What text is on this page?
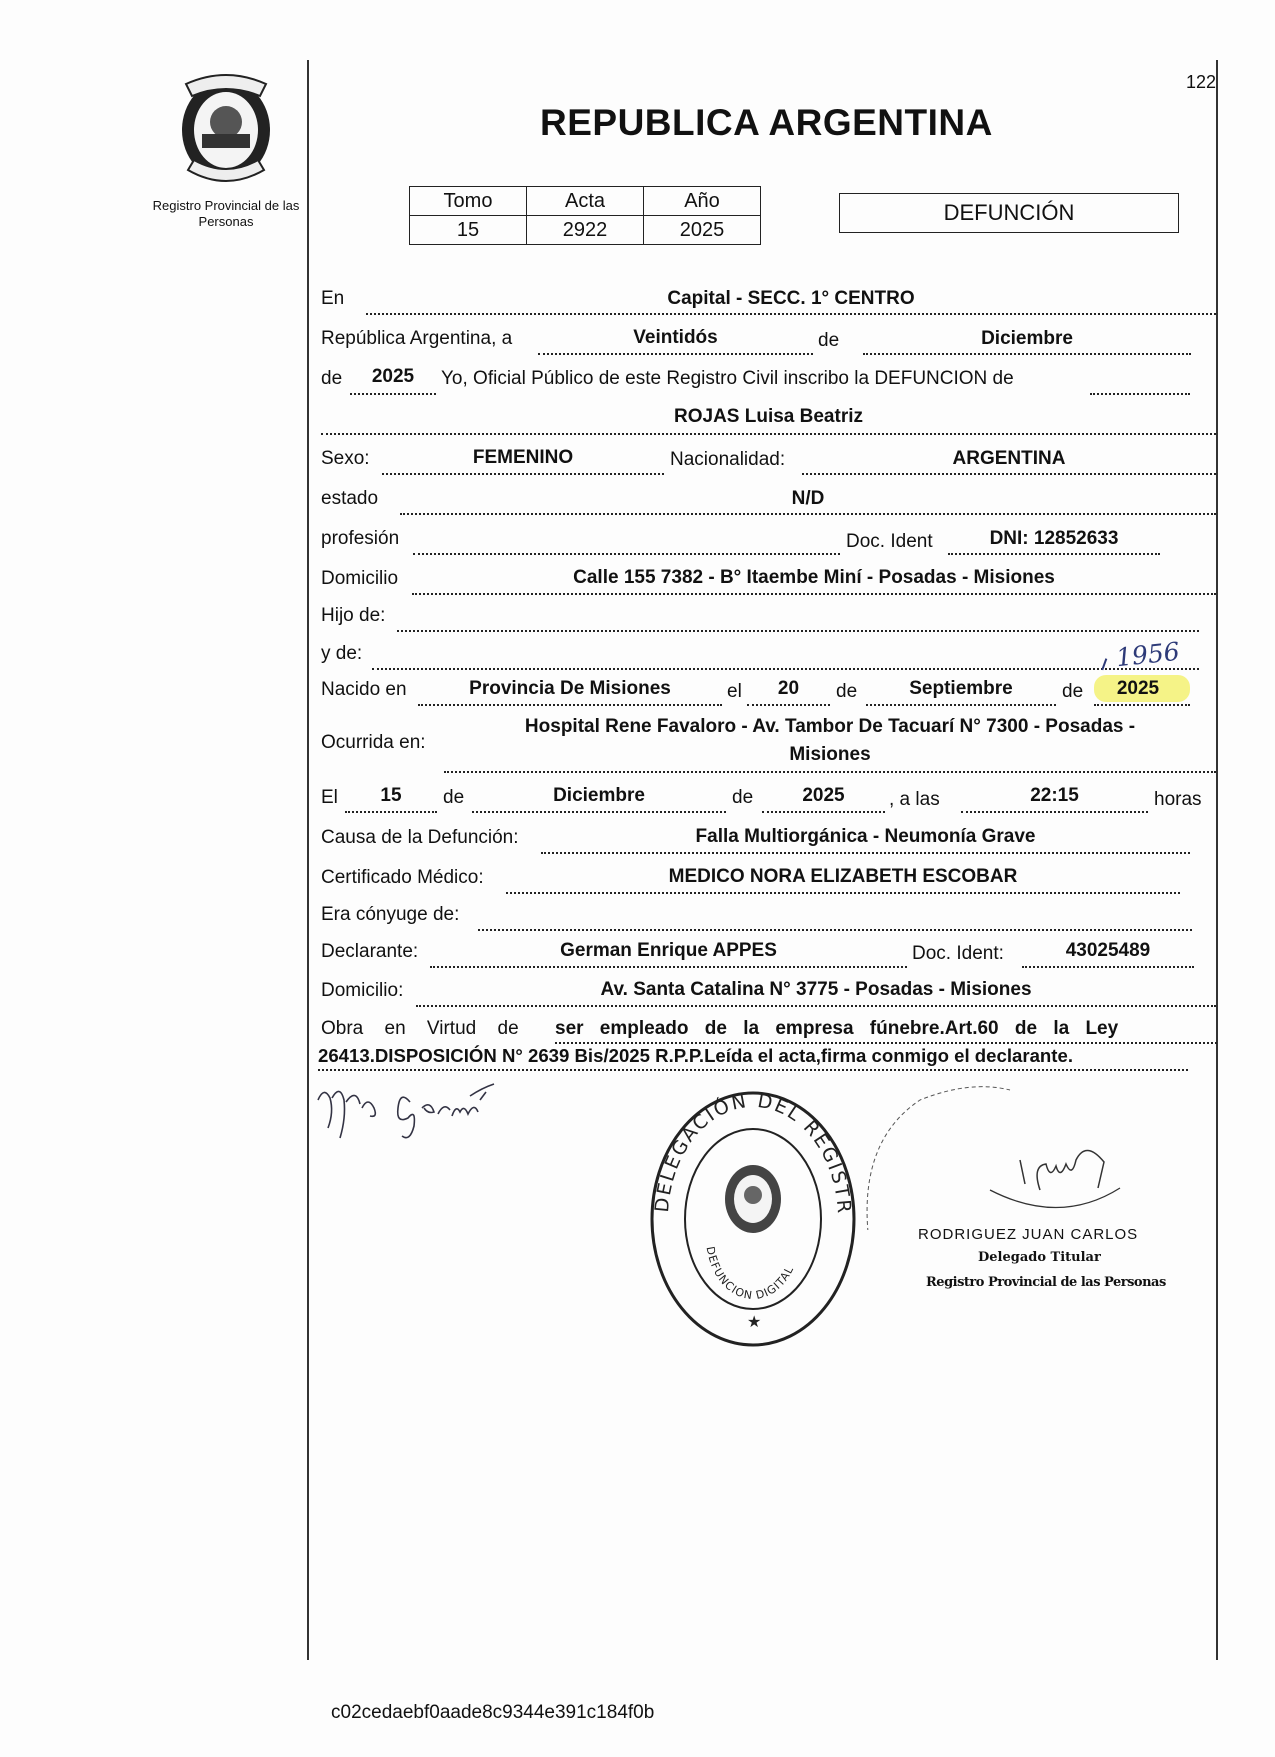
122
Registro Provincial de las Personas
REPUBLICA ARGENTINA
Tomo	Acta	Año
15	2922	2025
DEFUNCIÓN
En	Capital - SECC. 1° CENTRO
República Argentina, a	Veintidós	de	Diciembre
de	2025	Yo, Oficial Público de este Registro Civil inscribo la DEFUNCION de
ROJAS Luisa Beatriz
Sexo:	FEMENINO	Nacionalidad:	ARGENTINA
estado	N/D
profesión	Doc. Ident	DNI: 12852633
Domicilio	Calle 155 7382 - B° Itaembe Miní - Posadas - Misiones
Hijo de:
y de:	1956
Nacido en	Provincia De Misiones	el	20	de	Septiembre	de	2025
Ocurrida en:
Hospital Rene Favaloro - Av. Tambor De Tacuarí N° 7300 - Posadas -
Misiones
El	15	de	Diciembre	de	2025	, a las	22:15	horas
Causa de la Defunción:	Falla Multiorgánica - Neumonía Grave
Certificado Médico:	MEDICO NORA ELIZABETH ESCOBAR
Era cónyuge de:
Declarante:	German Enrique APPES	Doc. Ident:	43025489
Domicilio:	Av. Santa Catalina N° 3775 - Posadas - Misiones
Obra en Virtud de ser empleado de la empresa fúnebre.Art.60 de la Ley
26413.DISPOSICIÓN N° 2639 Bis/2025 R.P.P.Leída el acta,firma conmigo el declarante.
DELEGACIÓN DEL REGISTR
DEFUNCION DIGITAL
★
RODRIGUEZ JUAN CARLOS
Delegado Titular
Registro Provincial de las Personas
c02cedaebf0aade8c9344e391c184f0b
